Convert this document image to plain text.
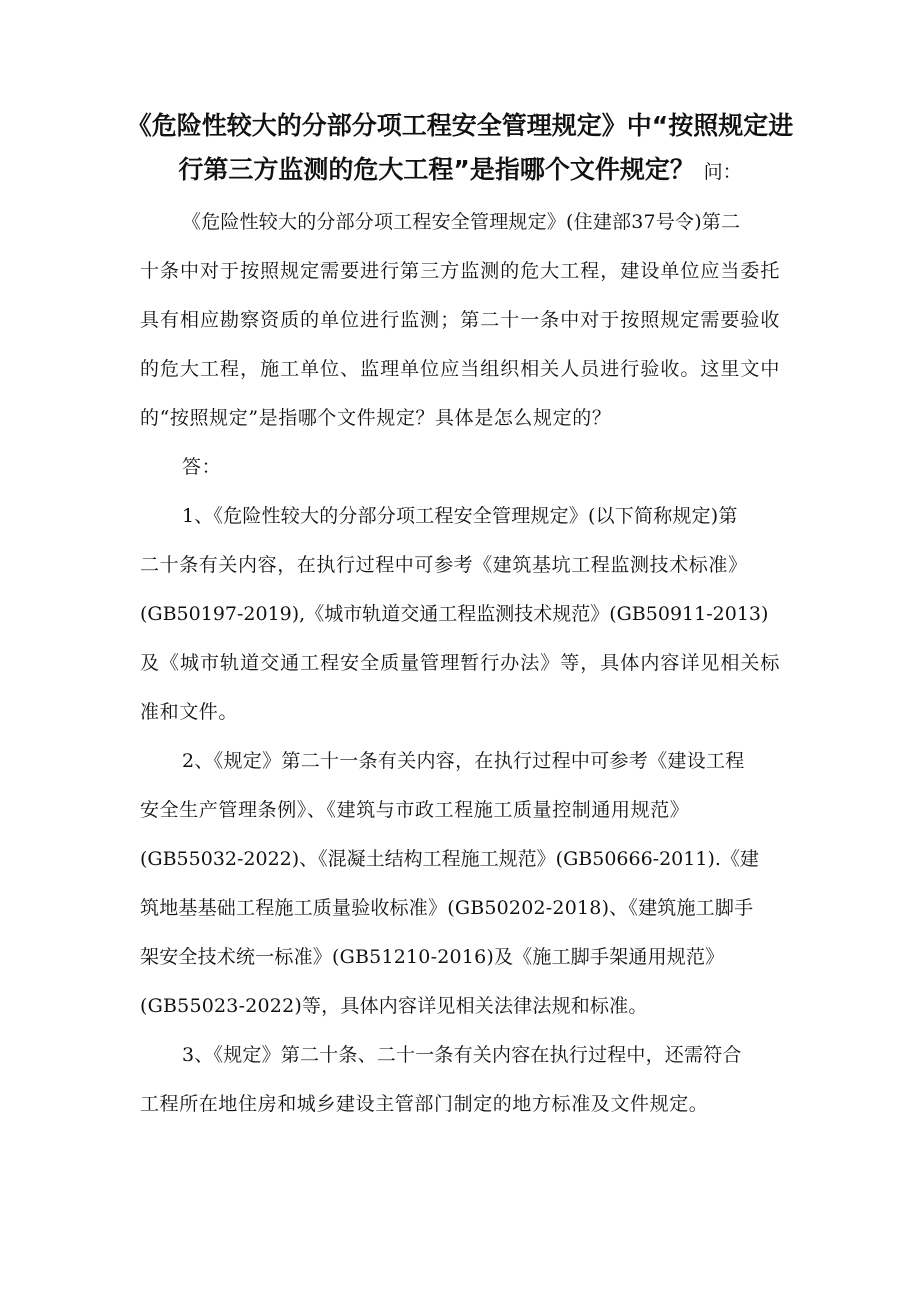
《危险性较大的分部分项工程安全管理规定》中“按照规定进
行第三方监测的危大工程”是指哪个文件规定？ 问：
《危险性较大的分部分项工程安全管理规定》(住建部37号令)第二
十条中对于按照规定需要进行第三方监测的危大工程，建设单位应当委托
具有相应勘察资质的单位进行监测；第二十一条中对于按照规定需要验收
的危大工程，施工单位、监理单位应当组织相关人员进行验收。这里文中
的“按照规定”是指哪个文件规定？具体是怎么规定的？
答：
1、《危险性较大的分部分项工程安全管理规定》(以下简称规定)第
二十条有关内容，在执行过程中可参考《建筑基坑工程监测技术标准》
(GB50197-2019),《城市轨道交通工程监测技术规范》(GB50911-2013)
及《城市轨道交通工程安全质量管理暂行办法》等，具体内容详见相关标
准和文件。
2、《规定》第二十一条有关内容，在执行过程中可参考《建设工程
安全生产管理条例》、《建筑与市政工程施工质量控制通用规范》
(GB55032-2022)、《混凝土结构工程施工规范》(GB50666-2011).《建
筑地基基础工程施工质量验收标准》(GB50202-2018)、《建筑施工脚手
架安全技术统一标准》(GB51210-2016)及《施工脚手架通用规范》
(GB55023-2022)等，具体内容详见相关法律法规和标准。
3、《规定》第二十条、二十一条有关内容在执行过程中，还需符合
工程所在地住房和城乡建设主管部门制定的地方标准及文件规定。
